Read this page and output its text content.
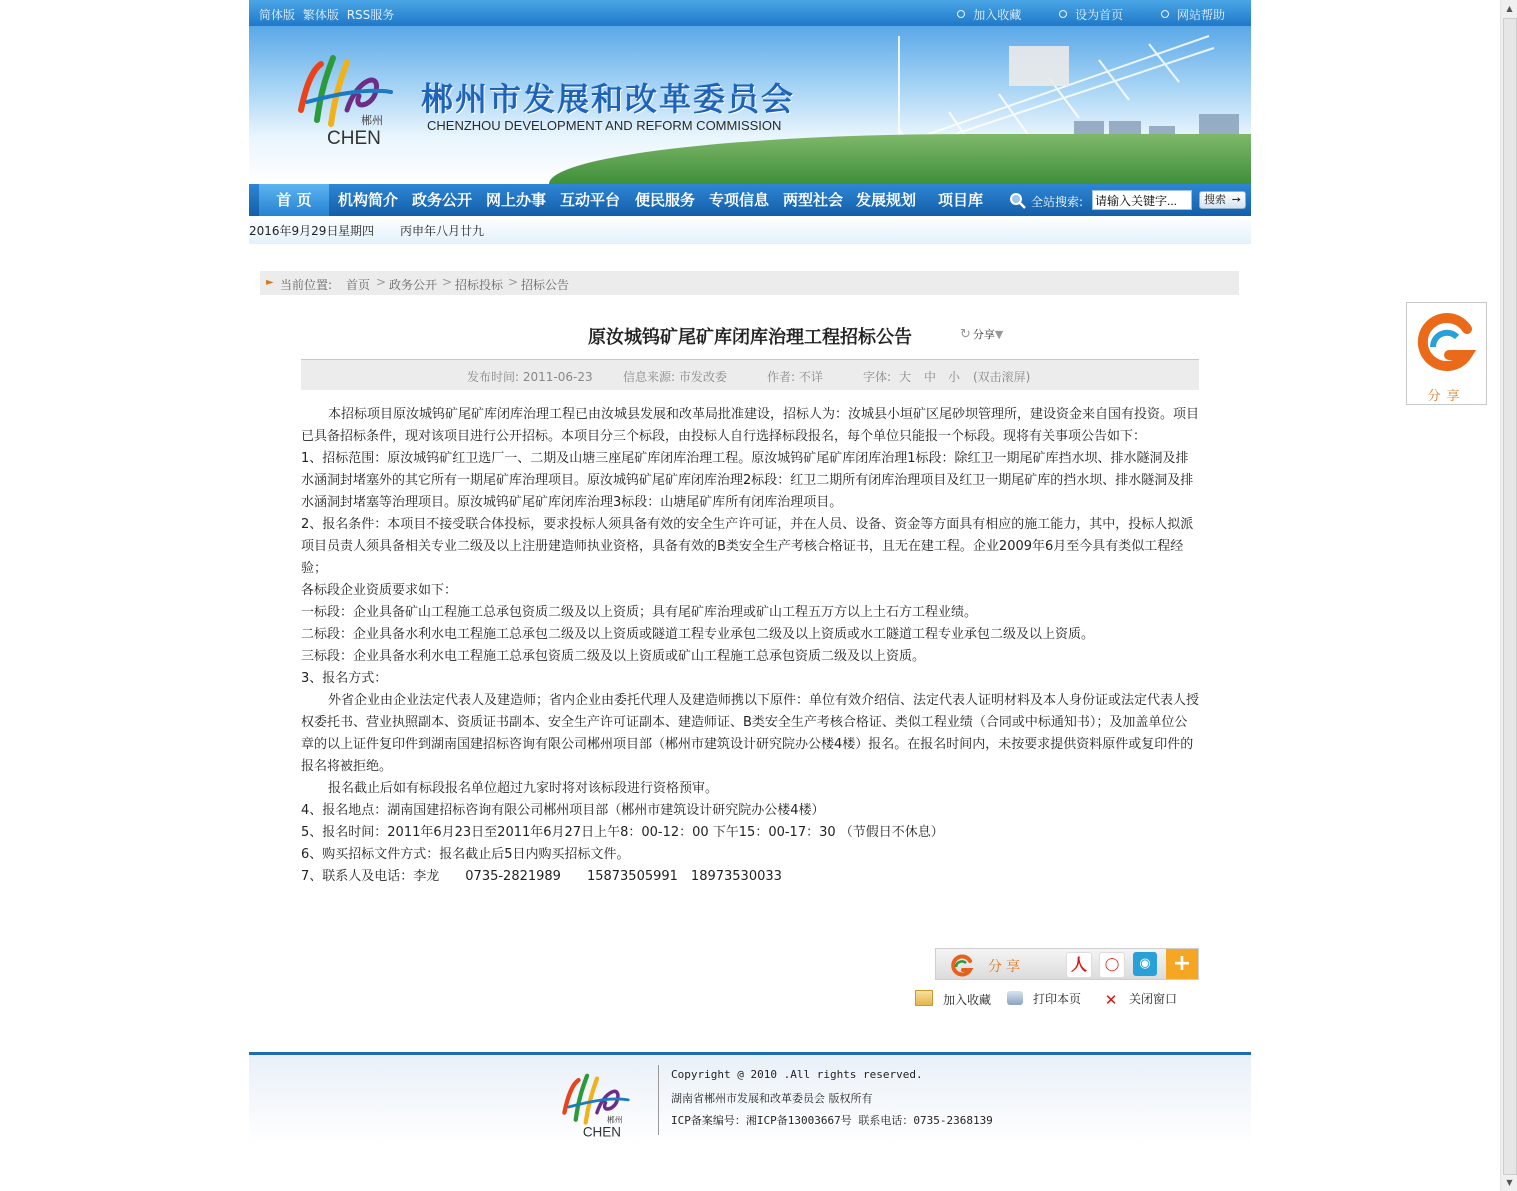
简体版 繁体版 RSS服务	加入收藏	设为首页	网站帮助
郴州
CHEN
郴州市发展和改革委员会
CHENZHOU DEVELOPMENT AND REFORM COMMISSION
首 页	机构简介 政务公开 网上办事 互动平台 便民服务 专项信息 两型社会 发展规划 项目库	全站搜索:
请输入关键字...	搜索 ➙
2016年9月29日 星期四 丙申年八月廿九
► 当前位置: 首页 > 政务公开 > 招标投标 > 招标公告
原汝城钨矿尾矿库闭库治理工程招标公告	↻ 分享▼
发布时间: 2011-06-23	信息来源: 市发改委	作者: 不详	字体: 大 中 小 (双击滚屏)

本招标项目原汝城钨矿尾矿库闭库治理工程已由汝城县发展和改革局批准建设，招标人为：汝城县小垣矿区尾砂坝管理所，建设资金来自国有投资。项目已具备招标条件，现对该项目进行公开招标。本项目分三个标段，由投标人自行选择标段报名，每个单位只能报一个标段。现将有关事项公告如下：

1、招标范围：原汝城钨矿红卫选厂一、二期及山塘三座尾矿库闭库治理工程。原汝城钨矿尾矿库闭库治理1标段：除红卫一期尾矿库挡水坝、排水隧洞及排水涵洞封堵塞外的其它所有一期尾矿库治理项目。原汝城钨矿尾矿库闭库治理2标段：红卫二期所有闭库治理项目及红卫一期尾矿库的挡水坝、排水隧洞及排水涵洞封堵塞等治理项目。原汝城钨矿尾矿库闭库治理3标段：山塘尾矿库所有闭库治理项目。

2、报名条件：本项目不接受联合体投标，要求投标人须具备有效的安全生产许可证，并在人员、设备、资金等方面具有相应的施工能力，其中，投标人拟派项目员责人须具备相关专业二级及以上注册建造师执业资格，具备有效的B类安全生产考核合格证书，且无在建工程。企业2009年6月至今具有类似工程经验；

各标段企业资质要求如下：

一标段：企业具备矿山工程施工总承包资质二级及以上资质；具有尾矿库治理或矿山工程五万方以上土石方工程业绩。

二标段：企业具备水利水电工程施工总承包二级及以上资质或隧道工程专业承包二级及以上资质或水工隧道工程专业承包二级及以上资质。

三标段：企业具备水利水电工程施工总承包资质二级及以上资质或矿山工程施工总承包资质二级及以上资质。

3、报名方式：

外省企业由企业法定代表人及建造师；省内企业由委托代理人及建造师携以下原件：单位有效介绍信、法定代表人证明材料及本人身份证或法定代表人授权委托书、营业执照副本、资质证书副本、安全生产许可证副本、建造师证、B类安全生产考核合格证、类似工程业绩（合同或中标通知书）；及加盖单位公章的以上证件复印件到湖南国建招标咨询有限公司郴州项目部（郴州市建筑设计研究院办公楼4楼）报名。在报名时间内，未按要求提供资料原件或复印件的报名将被拒绝。

报名截止后如有标段报名单位超过九家时将对该标段进行资格预审。

4、报名地点：湖南国建招标咨询有限公司郴州项目部（郴州市建筑设计研究院办公楼4楼）

5、报名时间：2011年6月23日至2011年6月27日上午8：00-12：00 下午15：00-17：30 （节假日不休息）

6、购买招标文件方式：报名截止后5日内购买招标文件。

7、联系人及电话：李龙　　0735-2821989　　15873505991　18973530033

分享	人	◯	◉	+
加入收藏	打印本页 ✕ 关闭窗口
郴州
CHEN
Copyright @ 2010 .All rights reserved.
湖南省郴州市发展和改革委员会 版权所有
ICP备案编号：湘ICP备13003667号 联系电话：0735-2368139
分享
▲
▼
